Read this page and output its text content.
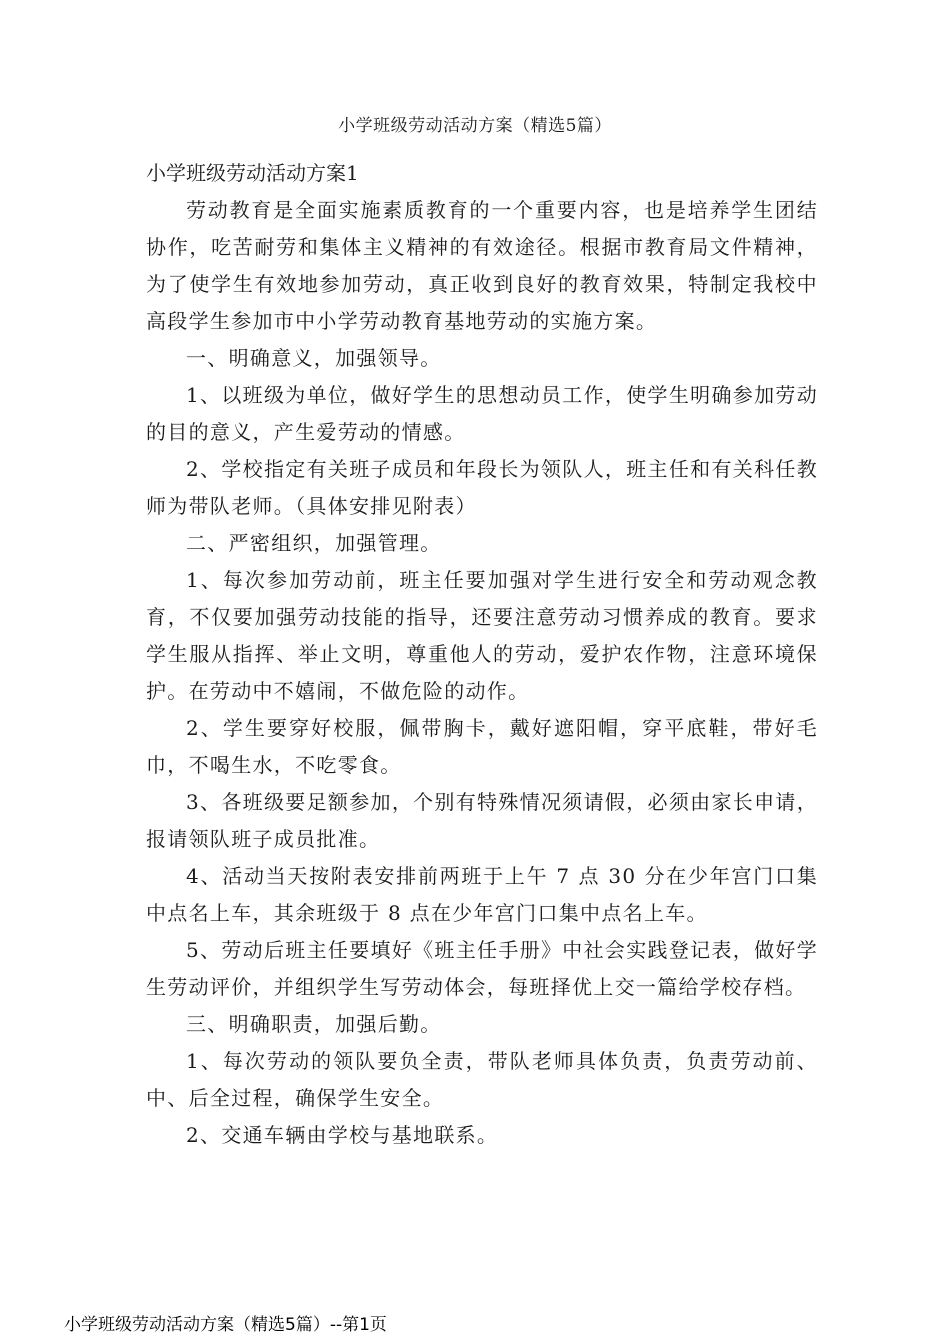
小学班级劳动活动方案（精选5篇）

小学班级劳动活动方案1

劳动教育是全面实施素质教育的一个重要内容，也是培养学生团结协作，吃苦耐劳和集体主义精神的有效途径。根据市教育局文件精神，为了使学生有效地参加劳动，真正收到良好的教育效果，特制定我校中高段学生参加市中小学劳动教育基地劳动的实施方案。

一、明确意义，加强领导。

1、以班级为单位，做好学生的思想动员工作，使学生明确参加劳动的目的意义，产生爱劳动的情感。

2、学校指定有关班子成员和年段长为领队人，班主任和有关科任教师为带队老师。（具体安排见附表）

二、严密组织，加强管理。

1、每次参加劳动前，班主任要加强对学生进行安全和劳动观念教育，不仅要加强劳动技能的指导，还要注意劳动习惯养成的教育。要求学生服从指挥、举止文明，尊重他人的劳动，爱护农作物，注意环境保护。在劳动中不嬉闹，不做危险的动作。

2、学生要穿好校服，佩带胸卡，戴好遮阳帽，穿平底鞋，带好毛巾，不喝生水，不吃零食。

3、各班级要足额参加，个别有特殊情况须请假，必须由家长申请，报请领队班子成员批准。

4、活动当天按附表安排前两班于上午 7 点 30 分在少年宫门口集中点名上车，其余班级于 8 点在少年宫门口集中点名上车。

5、劳动后班主任要填好《班主任手册》中社会实践登记表，做好学生劳动评价，并组织学生写劳动体会，每班择优上交一篇给学校存档。

三、明确职责，加强后勤。

1、每次劳动的领队要负全责，带队老师具体负责，负责劳动前、中、后全过程，确保学生安全。

2、交通车辆由学校与基地联系。

小学班级劳动活动方案（精选5篇）--第1页
